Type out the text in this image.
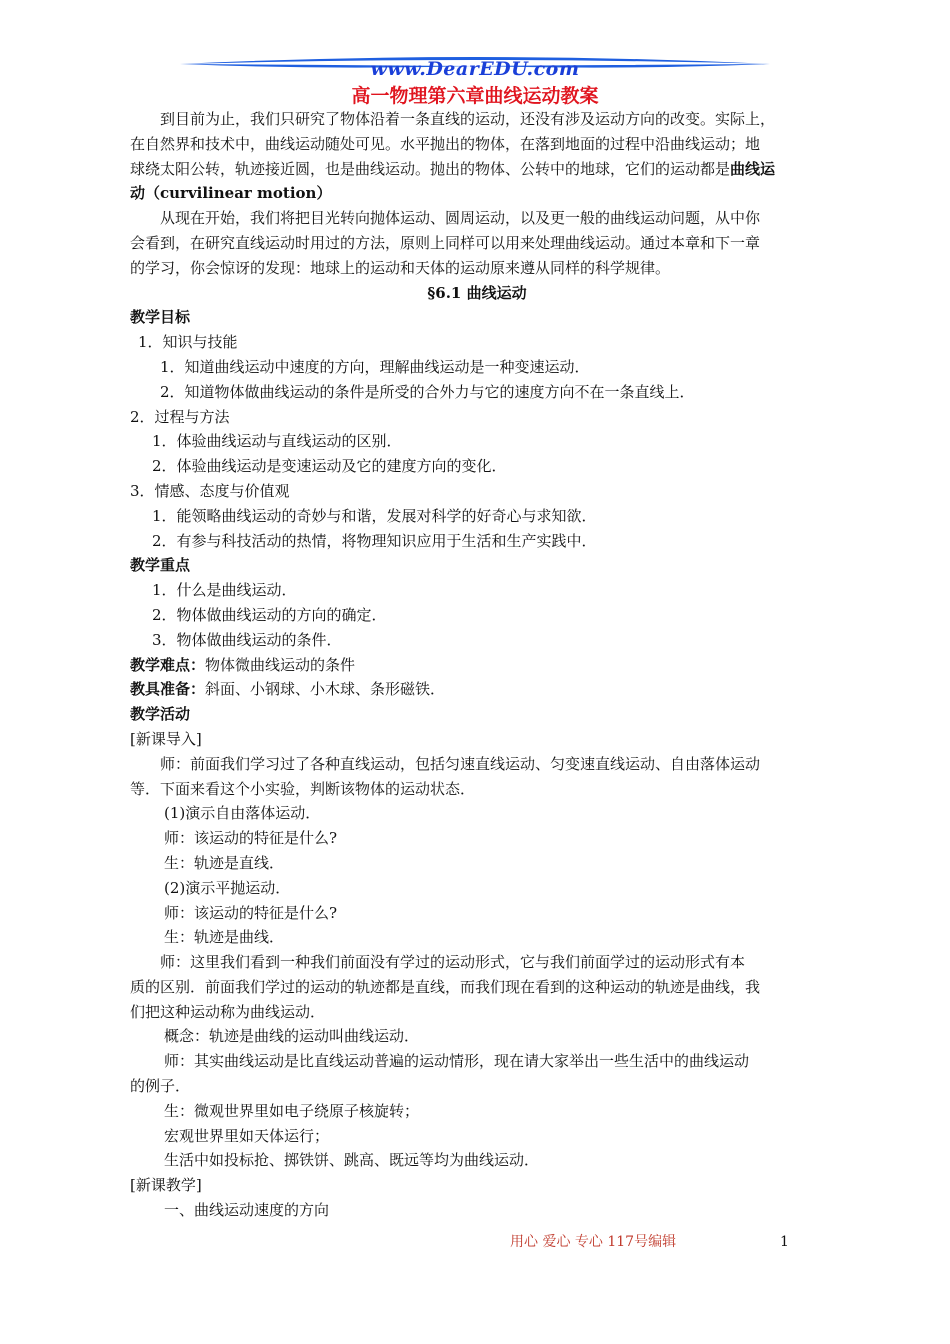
www.DearEDU.com
高一物理第六章曲线运动教案
到目前为止，我们只研究了物体沿着一条直线的运动，还没有涉及运动方向的改变。实际上，
在自然界和技术中，曲线运动随处可见。水平抛出的物体，在落到地面的过程中沿曲线运动；地
球绕太阳公转，轨迹接近圆，也是曲线运动。抛出的物体、公转中的地球，它们的运动都是曲线运
动（curvilinear motion）
从现在开始，我们将把目光转向抛体运动、圆周运动，以及更一般的曲线运动问题，从中你
会看到，在研究直线运动时用过的方法，原则上同样可以用来处理曲线运动。通过本章和下一章
的学习，你会惊讶的发现：地球上的运动和天体的运动原来遵从同样的科学规律。
§6.1 曲线运动
教学目标
1．知识与技能
1．知道曲线运动中速度的方向，理解曲线运动是一种变速运动．
2．知道物体做曲线运动的条件是所受的合外力与它的速度方向不在一条直线上．
2．过程与方法
1．体验曲线运动与直线运动的区别．
2．体验曲线运动是变速运动及它的建度方向的变化．
3．情感、态度与价值观
1．能领略曲线运动的奇妙与和谐，发展对科学的好奇心与求知欲．
2．有参与科技活动的热情，将物理知识应用于生活和生产实践中．
教学重点
1．什么是曲线运动．
2．物体做曲线运动的方向的确定．
3．物体做曲线运动的条件．
教学难点：物体微曲线运动的条件
教具准备：斜面、小钢球、小木球、条形磁铁．
教学活动
[新课导入]
师：前面我们学习过了各种直线运动，包括匀速直线运动、匀变速直线运动、自由落体运动
等．下面来看这个小实验，判断该物体的运动状态．
(1)演示自由落体运动．
师：该运动的特征是什么?
生：轨迹是直线．
(2)演示平抛运动．
师：该运动的特征是什么?
生：轨迹是曲线．
师：这里我们看到一种我们前面没有学过的运动形式，它与我们前面学过的运动形式有本
质的区别．前面我们学过的运动的轨迹都是直线，而我们现在看到的这种运动的轨迹是曲线，我
们把这种运动称为曲线运动．
概念：轨迹是曲线的运动叫曲线运动．
师：其实曲线运动是比直线运动普遍的运动情形，现在请大家举出一些生活中的曲线运动
的例子．
生：微观世界里如电子绕原子核旋转；
宏观世界里如天体运行；
生活中如投标抢、掷铁饼、跳高、既远等均为曲线运动．
[新课教学]
一、曲线运动速度的方向
用心 爱心 专心 117号编辑	1
